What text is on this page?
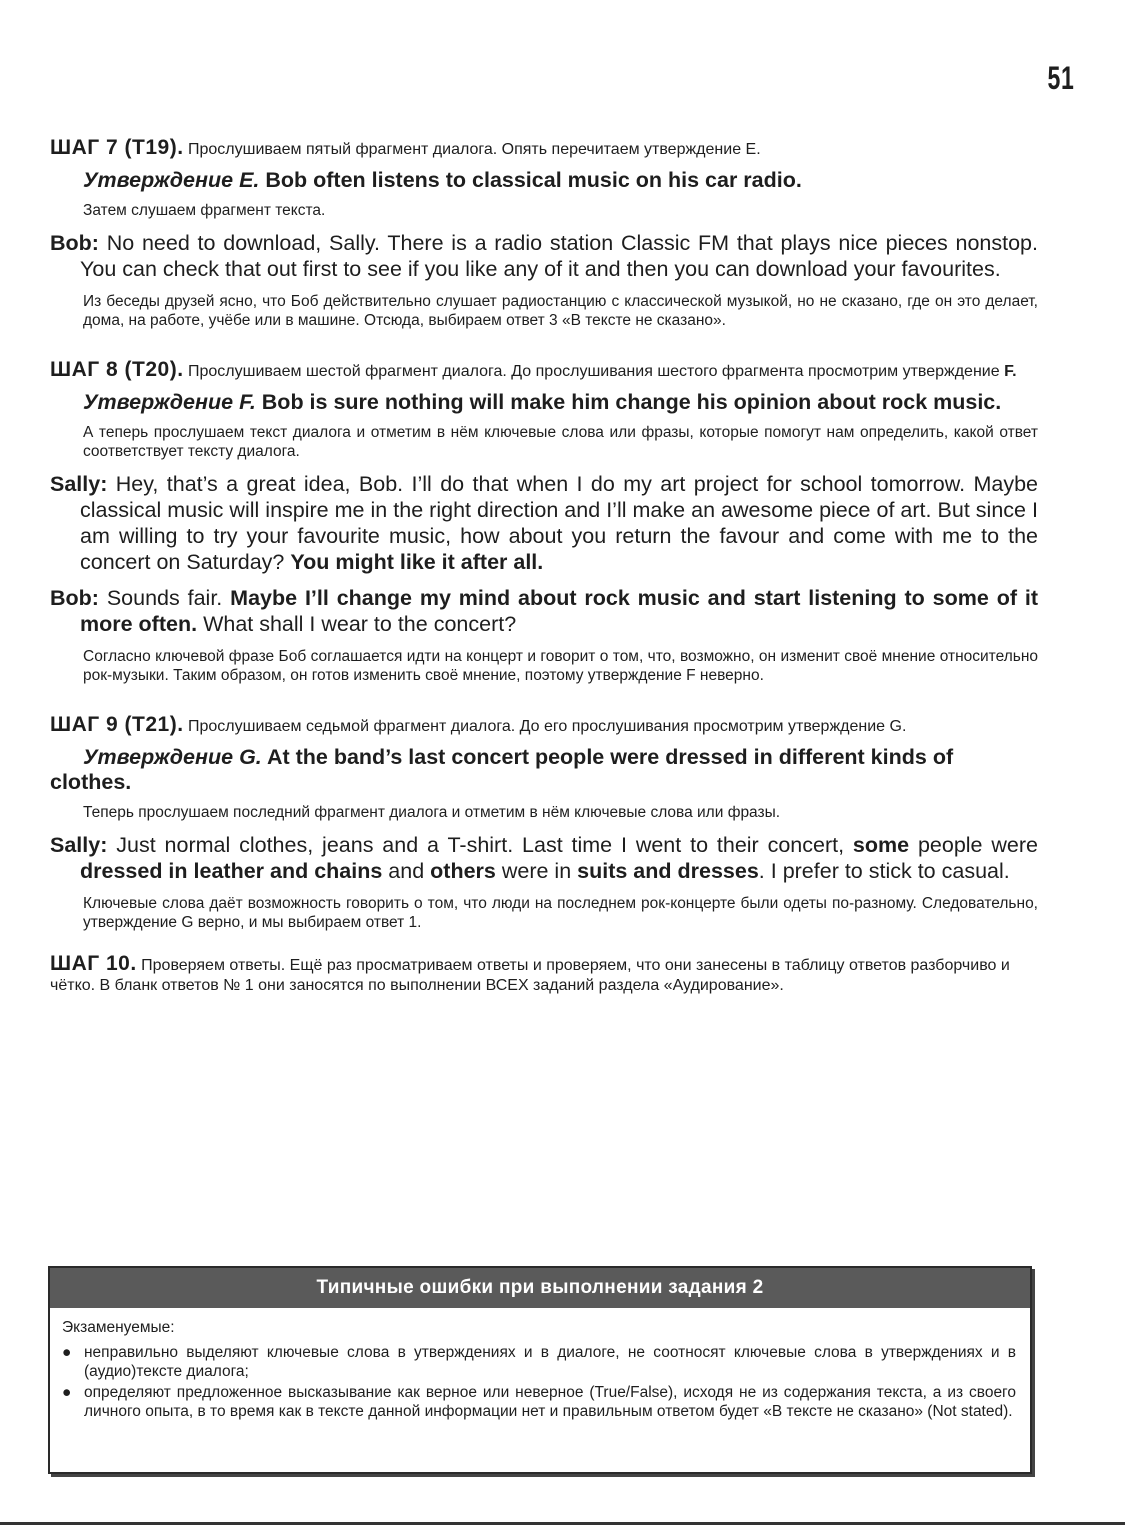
51

ШАГ 7 (T19). Прослушиваем пятый фрагмент диалога. Опять перечитаем утверждение E.

Утверждение E. Bob often listens to classical music on his car radio.

Затем слушаем фрагмент текста.

Bob: No need to download, Sally. There is a radio station Classic FM that plays nice pieces nonstop. You can check that out first to see if you like any of it and then you can download your favourites.

Из беседы друзей ясно, что Боб действительно слушает радиостанцию с классической музыкой, но не сказано, где он это делает, дома, на работе, учёбе или в машине. Отсюда, выбираем ответ 3 «В тексте не сказано».

ШАГ 8 (T20). Прослушиваем шестой фрагмент диалога. До прослушивания шестого фрагмента просмотрим утверждение F.

Утверждение F. Bob is sure nothing will make him change his opinion about rock music.

А теперь прослушаем текст диалога и отметим в нём ключевые слова или фразы, которые помогут нам определить, какой ответ соответствует тексту диалога.

Sally: Hey, that’s a great idea, Bob. I’ll do that when I do my art project for school tomorrow. Maybe classical music will inspire me in the right direction and I’ll make an awesome piece of art. But since I am willing to try your favourite music, how about you return the favour and come with me to the concert on Saturday? You might like it after all.

Bob: Sounds fair. Maybe I’ll change my mind about rock music and start listening to some of it more often. What shall I wear to the concert?

Согласно ключевой фразе Боб соглашается идти на концерт и говорит о том, что, возможно, он изменит своё мнение относительно рок-музыки. Таким образом, он готов изменить своё мнение, поэтому утверждение F неверно.

ШАГ 9 (T21). Прослушиваем седьмой фрагмент диалога. До его прослушивания просмотрим утверждение G.

Утверждение G. At the band’s last concert people were dressed in different kinds of clothes.

Теперь прослушаем последний фрагмент диалога и отметим в нём ключевые слова или фразы.

Sally: Just normal clothes, jeans and a T-shirt. Last time I went to their concert, some people were dressed in leather and chains and others were in suits and dresses. I prefer to stick to casual.

Ключевые слова даёт возможность говорить о том, что люди на последнем рок-концерте были одеты по-разному. Следовательно, утверждение G верно, и мы выбираем ответ 1.

ШАГ 10. Проверяем ответы. Ещё раз просматриваем ответы и проверяем, что они занесены в таблицу ответов разборчиво и чётко. В бланк ответов № 1 они заносятся по выполнении ВСЕХ заданий раздела «Аудирование».

Типичные ошибки при выполнении задания 2
Экзаменуемые:
● неправильно выделяют ключевые слова в утверждениях и в диалоге, не соотносят ключевые слова в утверждениях и в (аудио)тексте диалога;
● определяют предложенное высказывание как верное или неверное (True/False), исходя не из содержания текста, а из своего личного опыта, в то время как в тексте данной информации нет и правильным ответом будет «В тексте не сказано» (Not stated).
